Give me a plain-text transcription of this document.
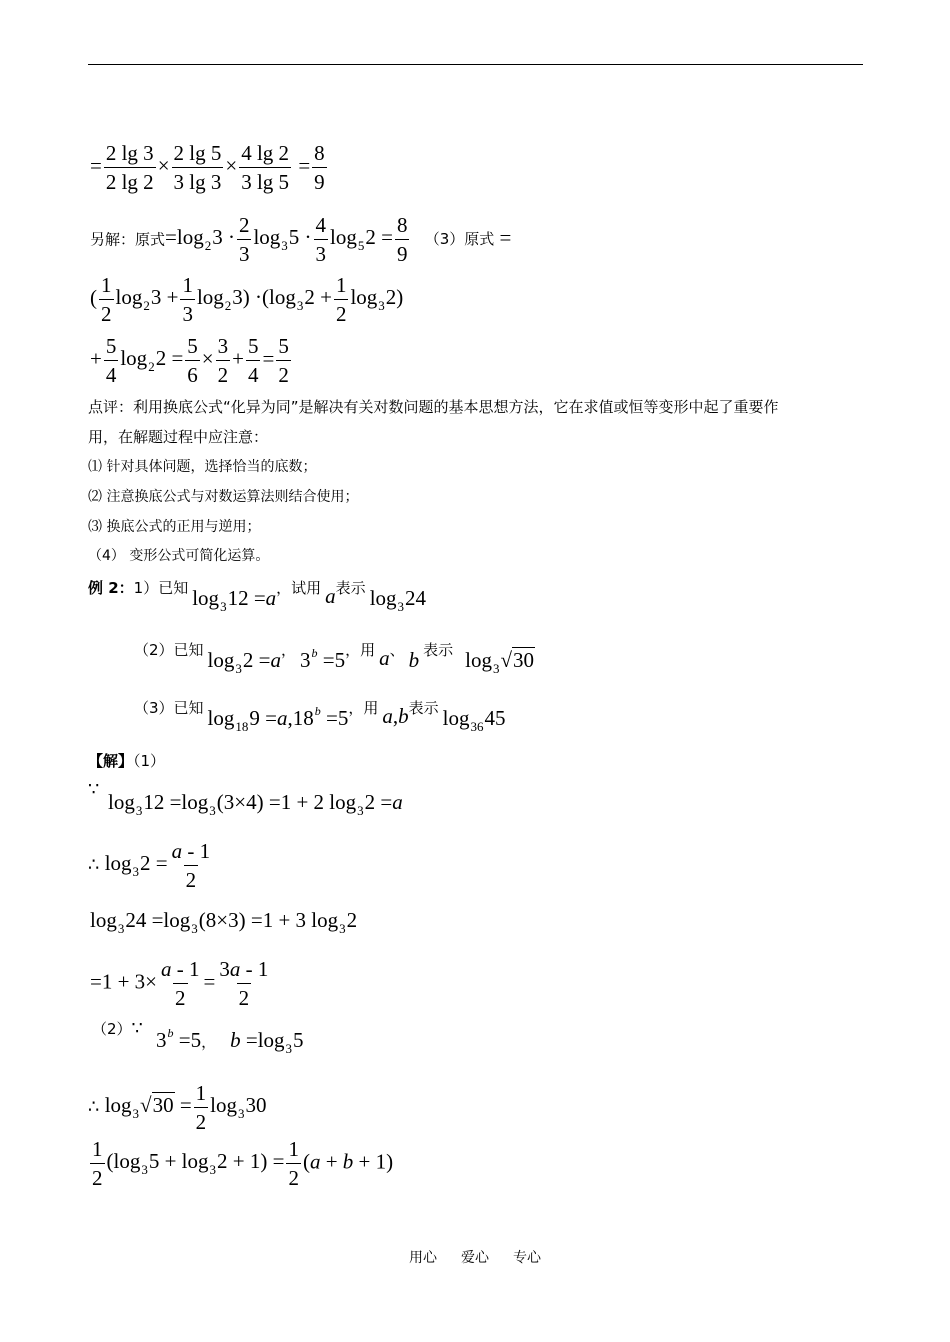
= $\frac{2 \lg 3}{2 \lg 2} \times \frac{2 \lg 5}{3 \lg 3} \times \frac{4 \lg 2}{3 \lg 5} = \frac{8}{9}$
另解：原式$=\log_23 \cdot \frac{2}{3} \log_35 \cdot \frac{4}{3} \log_52 = \frac{8}{9} (3)$原式 =
( $\frac{1}{2} \log_23 + \frac{1}{3} \log_23) \cdot(\log_32 + \frac{1}{2} \log_32)$
+ $\frac{5}{4} \log_22 = \frac{5}{6} \times \frac{3}{2} + \frac{5}{4} = \frac{5}{2}$
点评：利用换底公式“化异为同”是解决有关对数问题的基本思想方法，它在求值或恒等变形中起了重要作
用，在解题过程中应注意：
⑴ 针对具体问题，选择恰当的底数；
⑵ 注意换底公式与对数运算法则结合使用；
⑶ 换底公式的正用与逆用；
（4） 变形公式可简化运算。
例 2：1）已知 $\log_312 =a$，试用 a表示 $\log_324$
（2）已知 $\log_32 =a$， $3^b =5$，用 a、 b 表示 $\log_3√30$
（3）已知 $\log_{18}9 =a,18^b =5$，用 a,b表示 $\log_{36}45$
【解】（1）
∵
$\log_312 =\log_3(3\times 4) =1 + 2$ $\log_32 =a$
∴ $\log_32 = \frac{a - 1}{2}$
$\log_324 =\log_3(8\times 3) =1 + 3$ $\log_32$
$=1 + 3\times \frac{a - 1}{2} = \frac{3a - 1}{2}$
（2）∵ $3^b =5$， $b =\log_35$
∴ $\log_3√30 = \frac{1}{2} \log_330$
$\frac{1}{2} (\log_35 + \log_32 + 1) = \frac{1}{2} (a + b + 1)$
用心 爱心 专心
